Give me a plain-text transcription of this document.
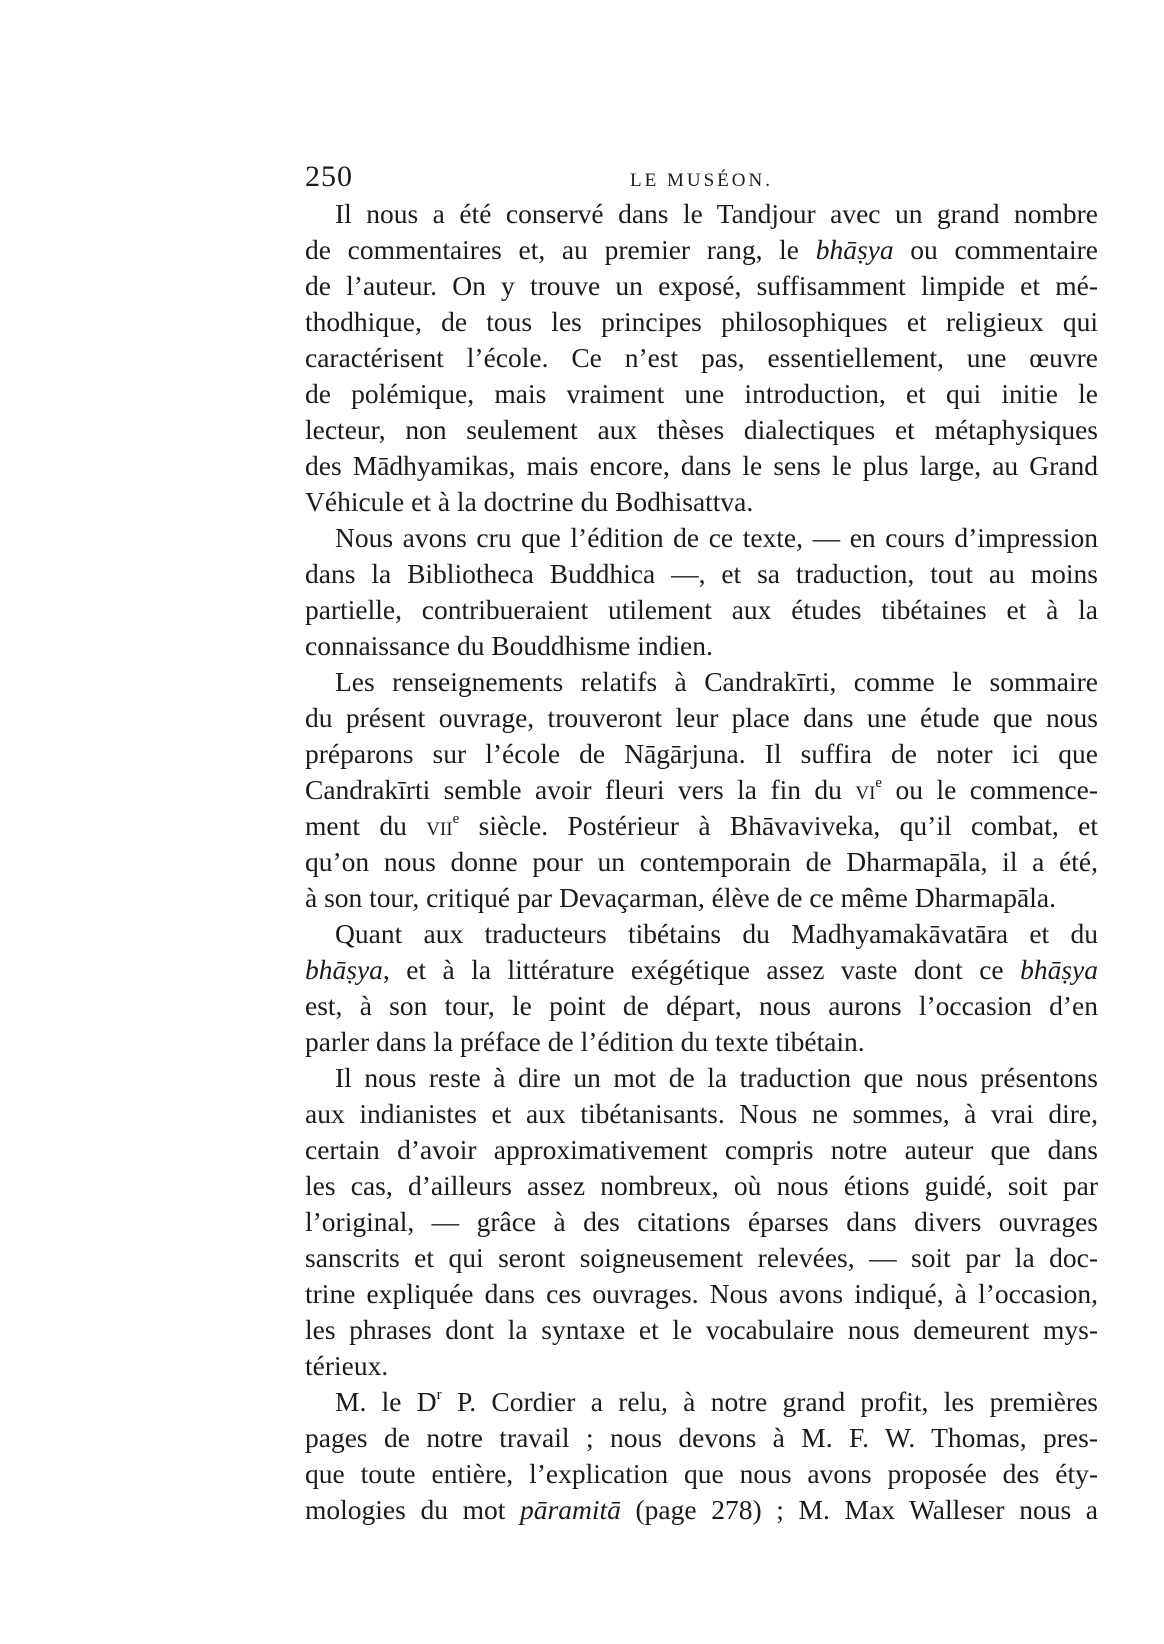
250	LE MUSÉON.
Il nous a été conservé dans le Tandjour avec un grand nombre
de commentaires et, au premier rang, le bhāṣya ou commentaire
de l’auteur. On y trouve un exposé, suffisamment limpide et mé-
thodhique, de tous les principes philosophiques et religieux qui
caractérisent l’école. Ce n’est pas, essentiellement, une œuvre
de polémique, mais vraiment une introduction, et qui initie le
lecteur, non seulement aux thèses dialectiques et métaphysiques
des Mādhyamikas, mais encore, dans le sens le plus large, au Grand
Véhicule et à la doctrine du Bodhisattva.
Nous avons cru que l’édition de ce texte, — en cours d’impression
dans la Bibliotheca Buddhica —, et sa traduction, tout au moins
partielle, contribueraient utilement aux études tibétaines et à la
connaissance du Bouddhisme indien.
Les renseignements relatifs à Candrakīrti, comme le sommaire
du présent ouvrage, trouveront leur place dans une étude que nous
préparons sur l’école de Nāgārjuna. Il suffira de noter ici que
Candrakīrti semble avoir fleuri vers la fin du $vi^e$ ou le commence-
ment du vii$^e$ siècle. Postérieur à Bhāvaviveka, qu’il combat, et
qu’on nous donne pour un contemporain de Dharmapāla, il a été,
à son tour, critiqué par Devaçarman, élève de ce même Dharmapāla.
Quant aux traducteurs tibétains du Madhyamakāvatāra et du
bhāṣya, et à la littérature exégétique assez vaste dont ce bhāṣya
est, à son tour, le point de départ, nous aurons l’occasion d’en
parler dans la préface de l’édition du texte tibétain.
Il nous reste à dire un mot de la traduction que nous présentons
aux indianistes et aux tibétanisants. Nous ne sommes, à vrai dire,
certain d’avoir approximativement compris notre auteur que dans
les cas, d’ailleurs assez nombreux, où nous étions guidé, soit par
l’original, — grâce à des citations éparses dans divers ouvrages
sanscrits et qui seront soigneusement relevées, — soit par la doc-
trine expliquée dans ces ouvrages. Nous avons indiqué, à l’occasion,
les phrases dont la syntaxe et le vocabulaire nous demeurent mys-
térieux.
M. le $D^r$ P. Cordier a relu, à notre grand profit, les premières
pages de notre travail ; nous devons à M. F. W. Thomas, pres-
que toute entière, l’explication que nous avons proposée des éty-
mologies du mot pāramitā (page 278) ; M. Max Walleser nous a
